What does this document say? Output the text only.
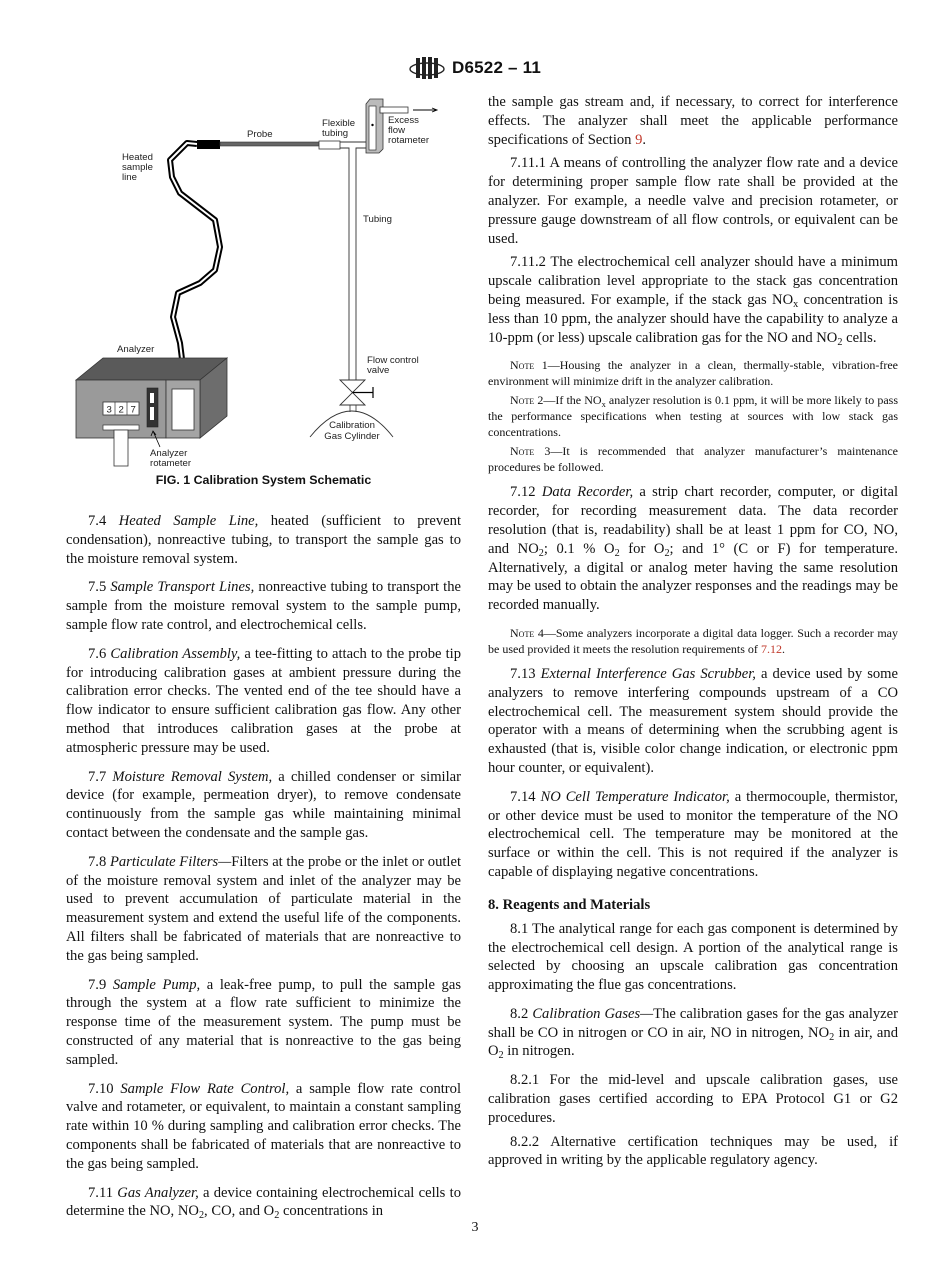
D6522 – 11
3 2 7
Probe
Flexible
tubing
Excess
flow
rotameter
Heated
sample
line
Tubing
Analyzer
Flow control
valve
Calibration
Gas Cylinder
Analyzer
rotameter
FIG. 1 Calibration System Schematic

7.4 Heated Sample Line, heated (sufficient to prevent condensation), nonreactive tubing, to transport the sample gas to the moisture removal system.

7.5 Sample Transport Lines, nonreactive tubing to transport the sample from the moisture removal system to the sample pump, sample flow rate control, and electrochemical cells.

7.6 Calibration Assembly, a tee-fitting to attach to the probe tip for introducing calibration gases at ambient pressure during the calibration error checks. The vented end of the tee should have a flow indicator to ensure sufficient calibration gas flow. Any other method that introduces calibration gases at the probe at atmospheric pressure may be used.

7.7 Moisture Removal System, a chilled condenser or similar device (for example, permeation dryer), to remove condensate continuously from the sample gas while maintaining minimal contact between the condensate and the sample gas.

7.8 Particulate Filters—Filters at the probe or the inlet or outlet of the moisture removal system and inlet of the analyzer may be used to prevent accumulation of particulate material in the measurement system and extend the useful life of the components. All filters shall be fabricated of materials that are nonreactive to the gas being sampled.

7.9 Sample Pump, a leak-free pump, to pull the sample gas through the system at a flow rate sufficient to minimize the response time of the measurement system. The pump must be constructed of any material that is nonreactive to the gas being sampled.

7.10 Sample Flow Rate Control, a sample flow rate control valve and rotameter, or equivalent, to maintain a constant sampling rate within 10 % during sampling and calibration error checks. The components shall be fabricated of materials that are nonreactive to the gas being sampled.

7.11 Gas Analyzer, a device containing electrochemical cells to determine the NO, $NO_2$, CO, and $O_2$ concentrations in

the sample gas stream and, if necessary, to correct for interference effects. The analyzer shall meet the applicable performance specifications of Section 9.

7.11.1 A means of controlling the analyzer flow rate and a device for determining proper sample flow rate shall be provided at the analyzer. For example, a needle valve and precision rotameter, or pressure gauge downstream of all flow controls, or equivalent can be used.

7.11.2 The electrochemical cell analyzer should have a minimum upscale calibration level appropriate to the stack gas concentration being measured. For example, if the stack gas $NO_x$ concentration is less than 10 ppm, the analyzer should have the capability to analyze a 10-ppm (or less) upscale calibration gas for the NO and $NO_2$ cells.

Note 1—Housing the analyzer in a clean, thermally-stable, vibration-free environment will minimize drift in the analyzer calibration.

Note 2—If the $NO_x$ analyzer resolution is 0.1 ppm, it will be more likely to pass the performance specifications when testing at sources with low stack gas concentrations.

Note 3—It is recommended that analyzer manufacturer’s maintenance procedures be followed.

7.12 Data Recorder, a strip chart recorder, computer, or digital recorder, for recording measurement data. The data recorder resolution (that is, readability) shall be at least 1 ppm for CO, NO, and $NO_2$; 0.1 % $O_2$ for $O_2$; and 1° (C or F) for temperature. Alternatively, a digital or analog meter having the same resolution may be used to obtain the analyzer responses and the readings may be recorded manually.

Note 4—Some analyzers incorporate a digital data logger. Such a recorder may be used provided it meets the resolution requirements of 7.12.

7.13 External Interference Gas Scrubber, a device used by some analyzers to remove interfering compounds upstream of a CO electrochemical cell. The measurement system should provide the operator with a means of determining when the scrubbing agent is exhausted (that is, visible color change indication, or electronic ppm hour counter, or equivalent).

7.14 NO Cell Temperature Indicator, a thermocouple, thermistor, or other device must be used to monitor the temperature of the NO electrochemical cell. The temperature may be monitored at the surface or within the cell. This is not required if the analyzer is capable of displaying negative concentrations.

8. Reagents and Materials

8.1 The analytical range for each gas component is determined by the electrochemical cell design. A portion of the analytical range is selected by choosing an upscale calibration gas concentration approximating the flue gas concentrations.

8.2 Calibration Gases—The calibration gases for the gas analyzer shall be CO in nitrogen or CO in air, NO in nitrogen, $NO_2$ in air, and $O_2$ in nitrogen.

8.2.1 For the mid-level and upscale calibration gases, use calibration gases certified according to EPA Protocol G1 or G2 procedures.

8.2.2 Alternative certification techniques may be used, if approved in writing by the applicable regulatory agency.

3
